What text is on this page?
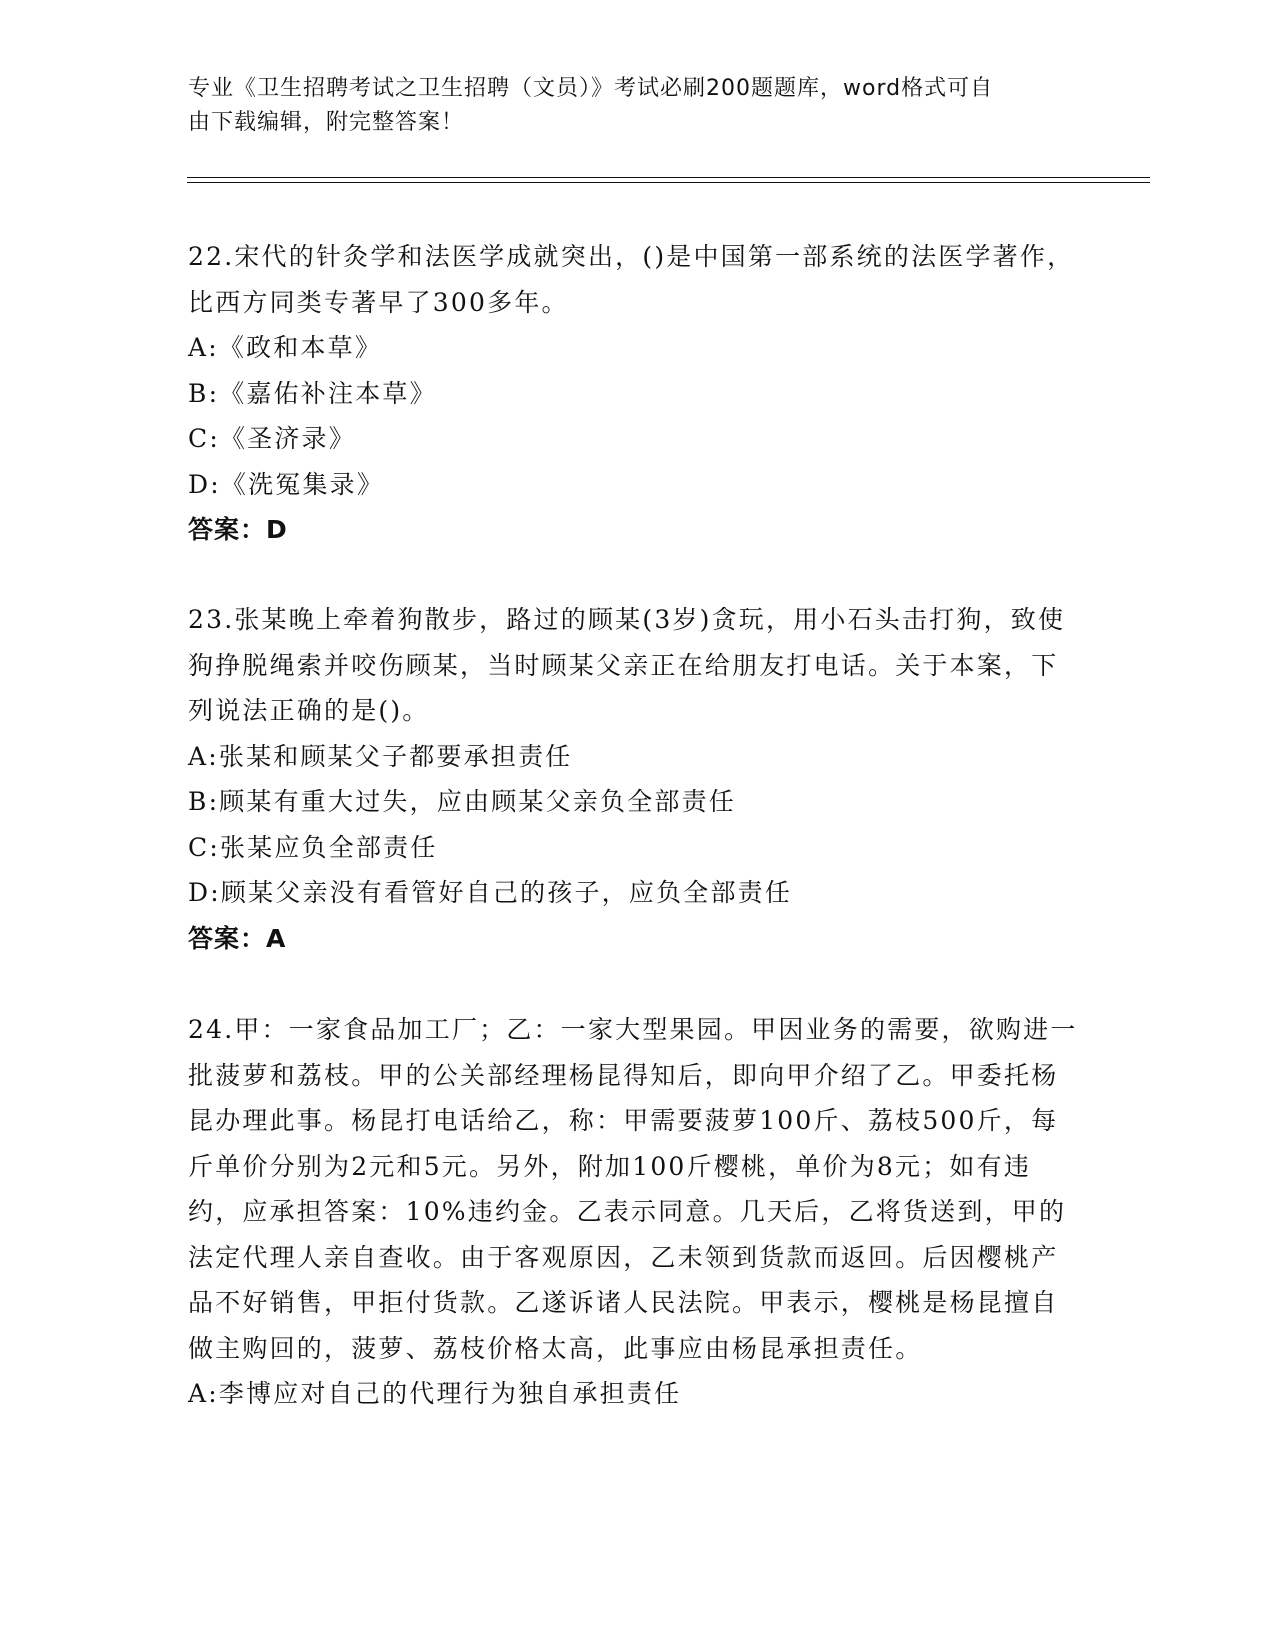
专业《卫生招聘考试之卫生招聘（文员）》考试必刷200题题库，word格式可自
由下载编辑，附完整答案！

22.宋代的针灸学和法医学成就突出，()是中国第一部系统的法医学著作，比西方同类专著早了300多年。

A:《政和本草》

B:《嘉佑补注本草》

C:《圣济录》

D:《洗冤集录》

答案：D

23.张某晚上牵着狗散步，路过的顾某(3岁)贪玩，用小石头击打狗，致使狗挣脱绳索并咬伤顾某，当时顾某父亲正在给朋友打电话。关于本案，下列说法正确的是()。

A:张某和顾某父子都要承担责任

B:顾某有重大过失，应由顾某父亲负全部责任

C:张某应负全部责任

D:顾某父亲没有看管好自己的孩子，应负全部责任

答案：A

24.甲：一家食品加工厂；乙：一家大型果园。甲因业务的需要，欲购进一批菠萝和荔枝。甲的公关部经理杨昆得知后，即向甲介绍了乙。甲委托杨昆办理此事。杨昆打电话给乙，称：甲需要菠萝100斤、荔枝500斤，每斤单价分别为2元和5元。另外，附加100斤樱桃，单价为8元；如有违约，应承担答案：10%违约金。乙表示同意。几天后，乙将货送到，甲的法定代理人亲自查收。由于客观原因，乙未领到货款而返回。后因樱桃产品不好销售，甲拒付货款。乙遂诉诸人民法院。甲表示，樱桃是杨昆擅自做主购回的，菠萝、荔枝价格太高，此事应由杨昆承担责任。

A:李博应对自己的代理行为独自承担责任
